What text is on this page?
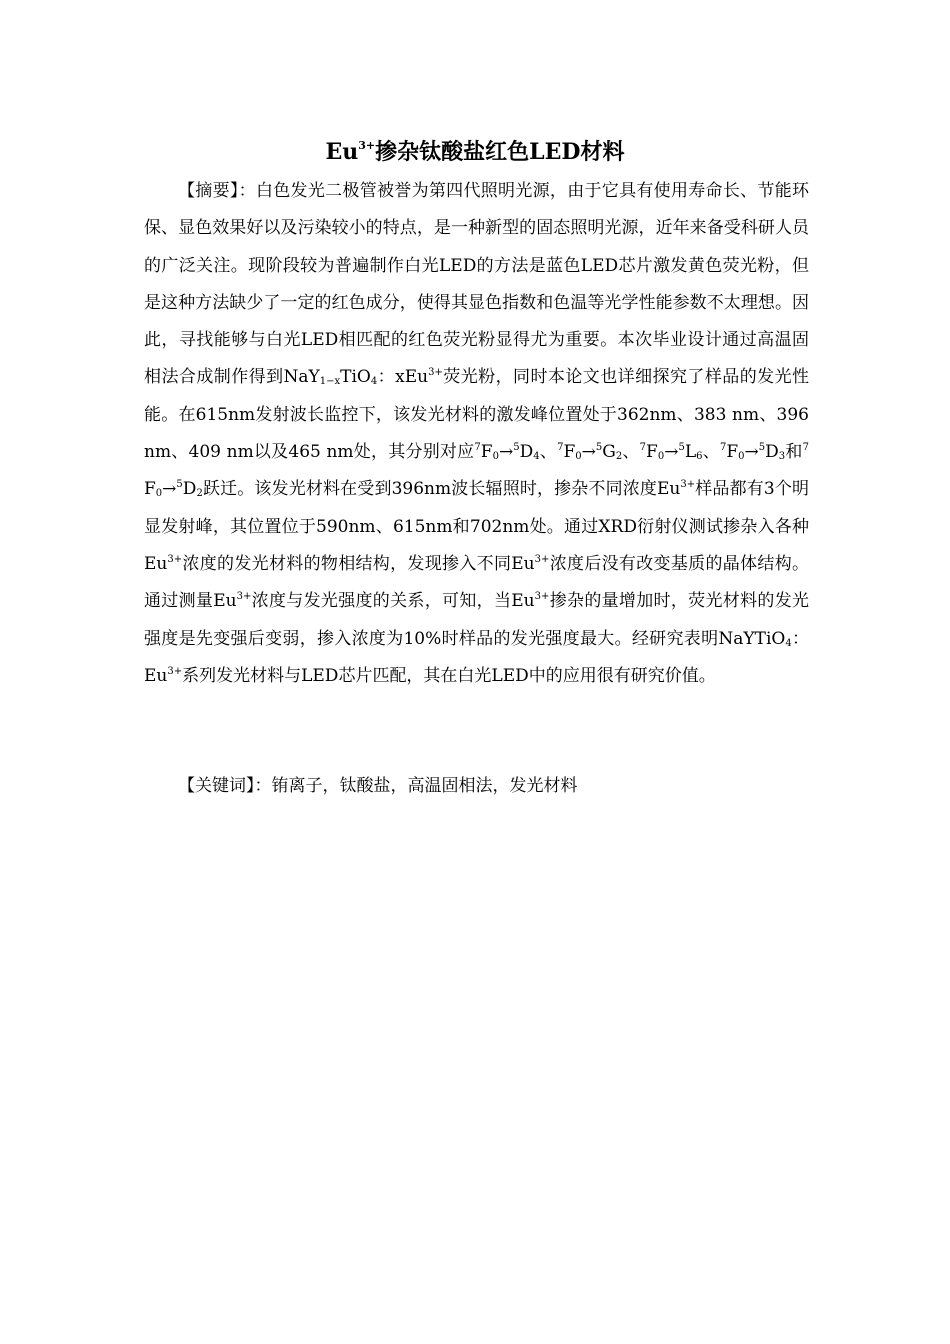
$Eu^{3+}$掺杂钛酸盐红色LED材料

【摘要】：白色发光二极管被誉为第四代照明光源，由于它具有使用寿命长、节能环保、显色效果好以及污染较小的特点，是一种新型的固态照明光源，近年来备受科研人员的广泛关注。现阶段较为普遍制作白光LED的方法是蓝色LED芯片激发黄色荧光粉，但是这种方法缺少了一定的红色成分，使得其显色指数和色温等光学性能参数不太理想。因此，寻找能够与白光LED相匹配的红色荧光粉显得尤为重要。本次毕业设计通过高温固相法合成制作得到NaY$_{1-x}$TiO$_4$：xEu$^{3+}$荧光粉，同时本论文也详细探究了样品的发光性能。在615nm发射波长监控下，该发光材料的激发峰位置处于362nm、383 nm、396 nm、409 nm以及465 nm处，其分别对应$^7F_0\to^5D_4$、$^7F_0\to^5G_2$、$^7F_0\to^5L_6$、$^7F_0\to^5D_3$和$^7F_0\to^5D_2$跃迁。该发光材料在受到396nm波长辐照时，掺杂不同浓度$Eu^{3+}$样品都有3个明显发射峰，其位置位于590nm、615nm和702nm处。通过XRD衍射仪测试掺杂入各种$Eu^{3+}$浓度的发光材料的物相结构，发现掺入不同$Eu^{3+}$浓度后没有改变基质的晶体结构。通过测量$Eu^{3+}$浓度与发光强度的关系，可知，当$Eu^{3+}$掺杂的量增加时，荧光材料的发光强度是先变强后变弱，掺入浓度为10%时样品的发光强度最大。经研究表明NaYTiO$_4$：$Eu^{3+}$系列发光材料与LED芯片匹配，其在白光LED中的应用很有研究价值。

【关键词】：铕离子，钛酸盐，高温固相法，发光材料
